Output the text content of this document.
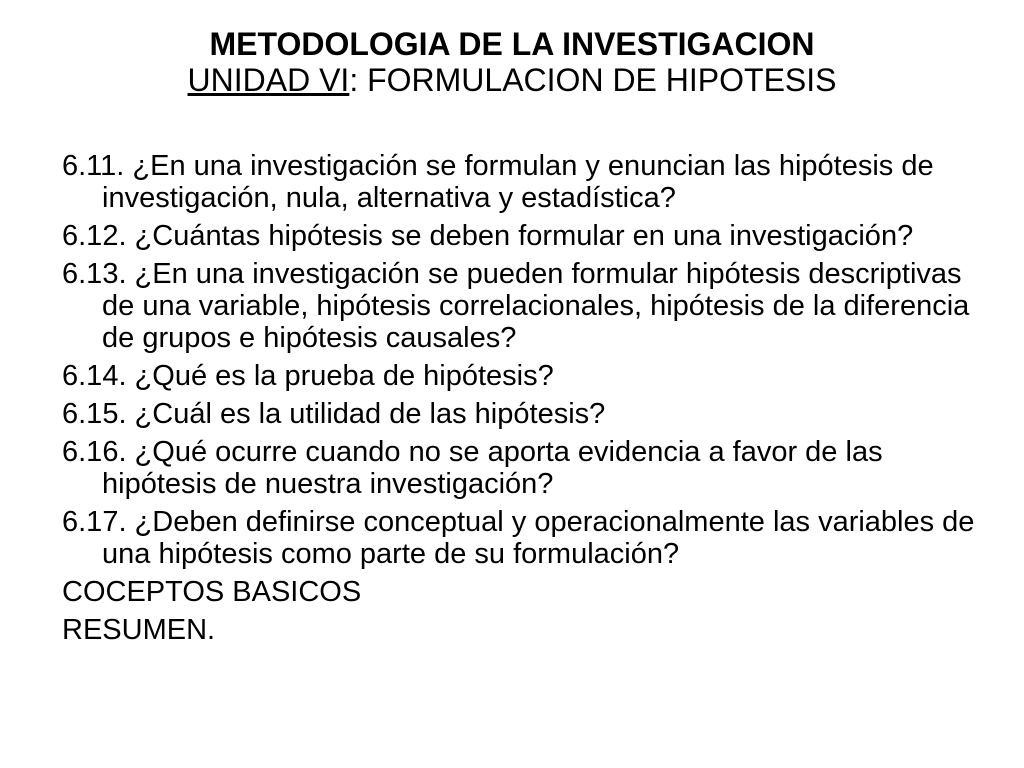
METODOLOGIA DE LA INVESTIGACION

UNIDAD VI: FORMULACION DE HIPOTESIS

6.11. ¿En una investigación se formulan y enuncian las hipótesis de investigación, nula, alternativa y estadística?

6.12. ¿Cuántas hipótesis se deben formular en una investigación?

6.13. ¿En una investigación se pueden formular hipótesis descriptivas de una variable, hipótesis correlacionales, hipótesis de la diferencia de grupos e hipótesis causales?

6.14. ¿Qué es la prueba de hipótesis?

6.15. ¿Cuál es la utilidad de las hipótesis?

6.16. ¿Qué ocurre cuando no se aporta evidencia a favor de las hipótesis de nuestra investigación?

6.17. ¿Deben definirse conceptual y operacionalmente las variables de una hipótesis como parte de su formulación?

COCEPTOS BASICOS

RESUMEN.
